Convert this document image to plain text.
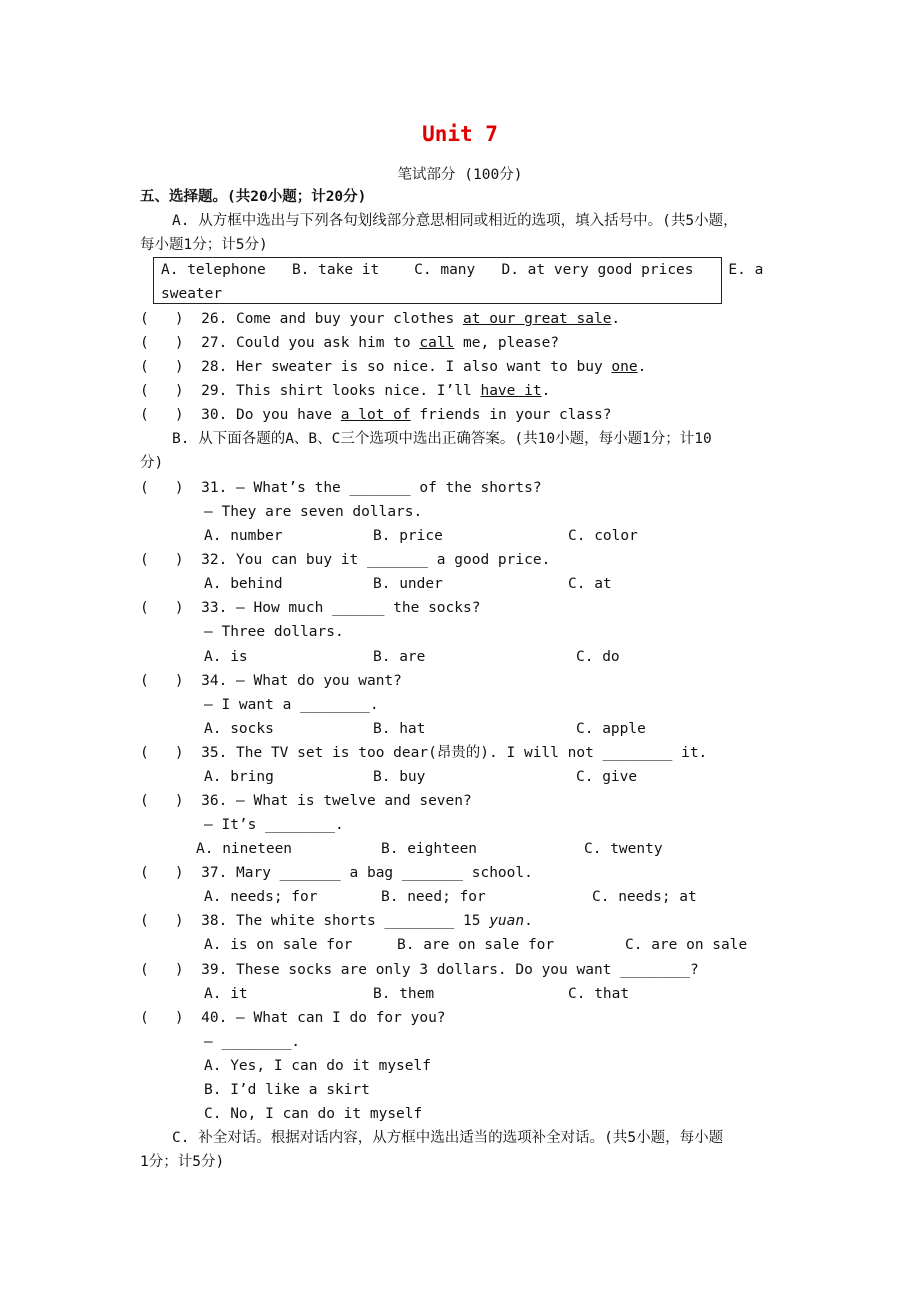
Unit 7
笔试部分 (100分)
五、选择题。(共20小题；计20分)
A. 从方框中选出与下列各句划线部分意思相同或相近的选项，填入括号中。(共5小题，
每小题1分；计5分)
A. telephone   B. take it    C. many   D. at very good prices    E. a
sweater
(   )  26. Come and buy your clothes at our great sale.
(   )  27. Could you ask him to call me, please?
(   )  28. Her sweater is so nice. I also want to buy one.
(   )  29. This shirt looks nice. I’ll have it.
(   )  30. Do you have a lot of friends in your class?
B. 从下面各题的A、B、C三个选项中选出正确答案。(共10小题，每小题1分；计10
分)
(   )  31. — What’s the _______ of the shorts?
— They are seven dollars.
A. number	B. price	C. color
(   )  32. You can buy it _______ a good price.
A. behind	B. under	C. at
(   )  33. — How much ______ the socks?
— Three dollars.
A. is	B. are	C. do
(   )  34. — What do you want?
— I want a ________.
A. socks	B. hat	C. apple
(   )  35. The TV set is too dear(昂贵的). I will not ________ it.
A. bring	B. buy	C. give
(   )  36. — What is twelve and seven?
— It’s ________.
A. nineteen	B. eighteen	C. twenty
(   )  37. Mary _______ a bag _______ school.
A. needs; for	B. need; for	C. needs; at
(   )  38. The white shorts ________ 15 yuan.
A. is on sale for	B. are on sale for	C. are on sale
(   )  39. These socks are only 3 dollars. Do you want ________?
A. it	B. them	C. that
(   )  40. — What can I do for you?
— ________.
A. Yes, I can do it myself
B. I’d like a skirt
C. No, I can do it myself
C. 补全对话。根据对话内容，从方框中选出适当的选项补全对话。(共5小题，每小题
1分；计5分)
